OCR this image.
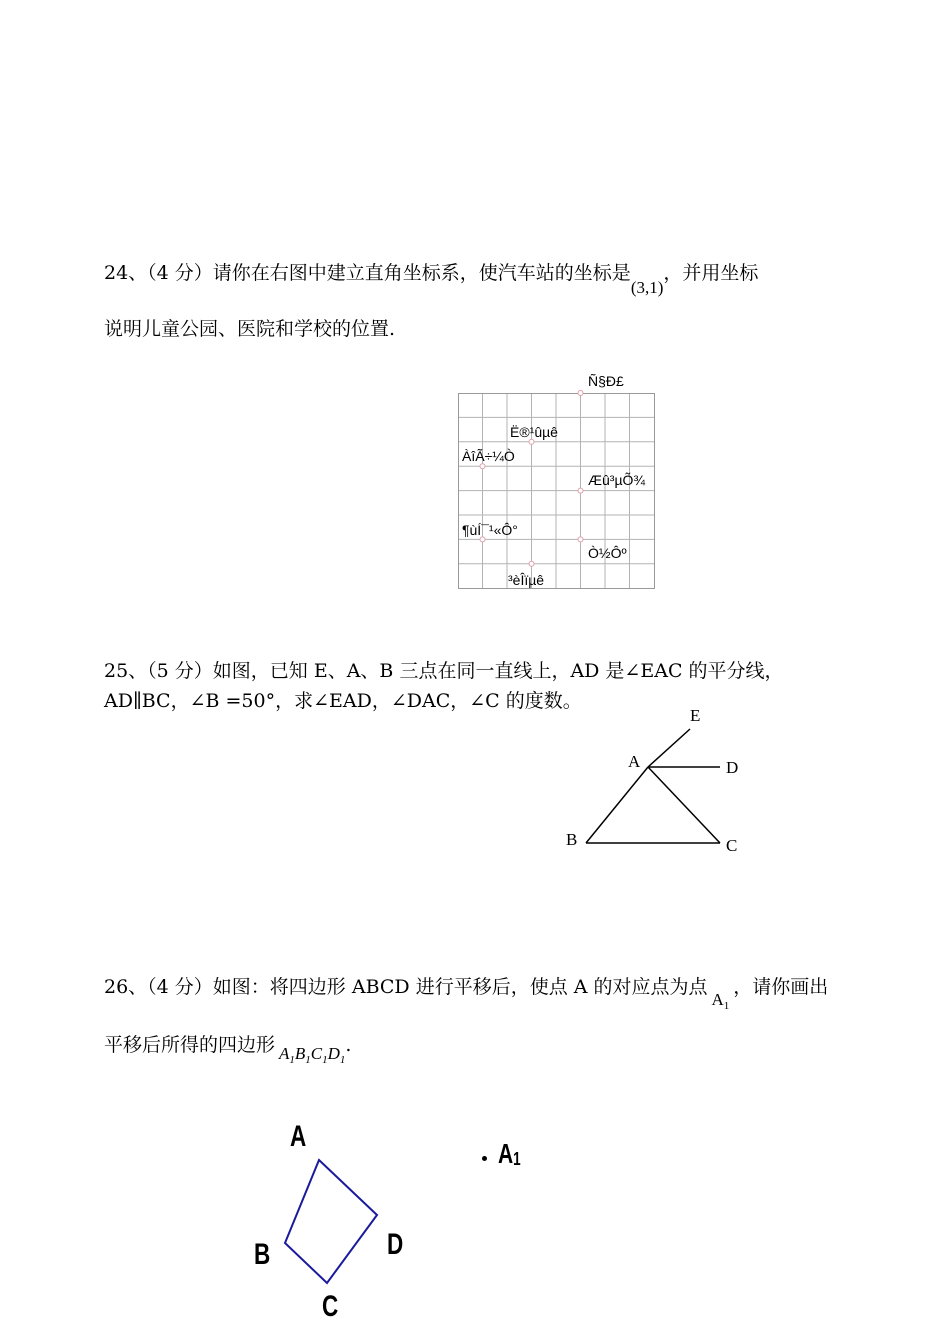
24、（4 分）请你在右图中建立直角坐标系，使汽车站的坐标是(3,1)，并用坐标
说明儿童公园、医院和学校的位置.
Ñ§Ð£
Ë®¹ûµê
ÀîÃ÷¼Ò
Æû³µÕ¾
¶ùÍ¯¹«Ô°
Ò½Ôº
³èÎïµê
25、（5 分）如图，已知 E、A、B 三点在同一直线上，AD 是∠EAC 的平分线，
AD∥BC，∠B =50°，求∠EAD，∠DAC，∠C 的度数。
E
A	D
B	C
26、（4 分）如图：将四边形 ABCD 进行平移后，使点 A 的对应点为点$A_1$，请你画出
平移后所得的四边形 $A_1B_1C_1D_1$.
A
B
C
D
A1
